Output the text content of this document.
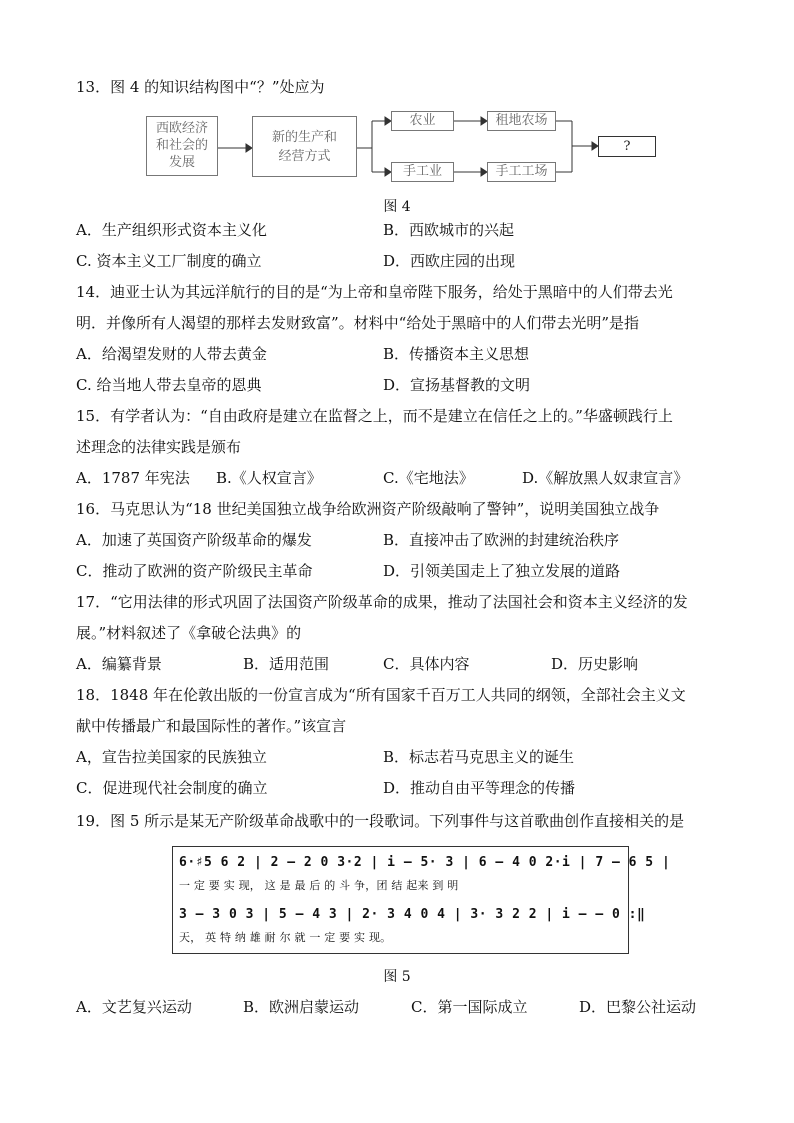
13．图 4 的知识结构图中“？”处应为
西欧经济
和社会的
发展
新的生产和
经营方式
农业	租地农场
手工业	手工工场
?
图 4
A．生产组织形式资本主义化	B．西欧城市的兴起
C. 资本主义工厂制度的确立	D．西欧庄园的出现
14．迪亚士认为其远洋航行的目的是“为上帝和皇帝陛下服务，给处于黑暗中的人们带去光
明．并像所有人渴望的那样去发财致富”。材料中“给处于黑暗中的人们带去光明”是指
A．给渴望发财的人带去黄金	B．传播资本主义思想
C. 给当地人带去皇帝的恩典	D．宣扬基督教的文明
15．有学者认为：“自由政府是建立在监督之上，而不是建立在信任之上的。”华盛顿践行上
述理念的法律实践是颁布
A．1787 年宪法 B.《人权宣言》	C.《宅地法》	D.《解放黑人奴隶宣言》
16．马克思认为“18 世纪美国独立战争给欧洲资产阶级敲响了警钟”，说明美国独立战争
A．加速了英国资产阶级革命的爆发	B．直接冲击了欧洲的封建统治秩序
C．推动了欧洲的资产阶级民主革命	D．引领美国走上了独立发展的道路
17．“它用法律的形式巩固了法国资产阶级革命的成果，推动了法国社会和资本主义经济的发
展。”材料叙述了《拿破仑法典》的
A．编纂背景	B．适用范围	C．具体内容	D．历史影响
18．1848 年在伦敦出版的一份宣言成为“所有国家千百万工人共同的纲领，全部社会主义文
献中传播最广和最国际性的著作。”该宣言
A，宣告拉美国家的民族独立	B．标志若马克思主义的诞生
C．促进现代社会制度的确立	D．推动自由平等理念的传播
19．图 5 所示是某无产阶级革命战歌中的一段歌词。下列事件与这首歌曲创作直接相关的是
6·♯5 6 2 | 2 – 2 0 3·2 | i – 5· 3 | 6 – 4 0 2·i | 7 – 6 5 |
一 定 要 实 现， 这 是 最 后 的 斗 争，团 结 起来 到 明
3 – 3 0 3 | 5 – 4 3 | 2· 3 4 0 4 | 3· 3 2 2 | i – – 0 :‖
天， 英 特 纳 雄 耐 尔 就 一 定 要 实 现。
图 5
A．文艺复兴运动	B．欧洲启蒙运动	C．第一国际成立	D．巴黎公社运动
